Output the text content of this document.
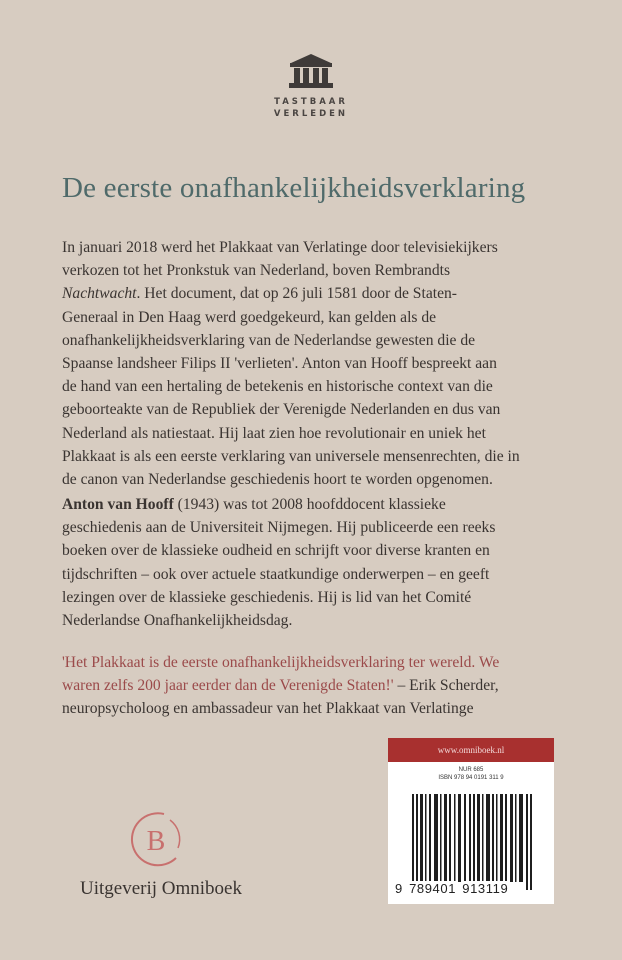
TASTBAAR
VERLEDEN
De eerste onafhankelijkheidsverklaring
In januari 2018 werd het Plakkaat van Verlatinge door televisiekijkers
verkozen tot het Pronkstuk van Nederland, boven Rembrandts
Nachtwacht. Het document, dat op 26 juli 1581 door de Staten-
Generaal in Den Haag werd goedgekeurd, kan gelden als de
onafhankelijkheidsverklaring van de Nederlandse gewesten die de
Spaanse landsheer Filips II 'verlieten'. Anton van Hooff bespreekt aan
de hand van een hertaling de betekenis en historische context van die
geboorteakte van de Republiek der Verenigde Nederlanden en dus van
Nederland als natiestaat. Hij laat zien hoe revolutionair en uniek het
Plakkaat is als een eerste verklaring van universele mensenrechten, die in
de canon van Nederlandse geschiedenis hoort te worden opgenomen.
Anton van Hooff (1943) was tot 2008 hoofddocent klassieke
geschiedenis aan de Universiteit Nijmegen. Hij publiceerde een reeks
boeken over de klassieke oudheid en schrijft voor diverse kranten en
tijdschriften – ook over actuele staatkundige onderwerpen – en geeft
lezingen over de klassieke geschiedenis. Hij is lid van het Comité
Nederlandse Onafhankelijkheidsdag.
'Het Plakkaat is de eerste onafhankelijkheidsverklaring ter wereld. We
waren zelfs 200 jaar eerder dan de Verenigde Staten!' – Erik Scherder,
neuropsycholoog en ambassadeur van het Plakkaat van Verlatinge
www.omniboek.nl
NUR 685
ISBN 978 94 0191 311 9
9 789401 913119
B
Uitgeverij Omniboek
